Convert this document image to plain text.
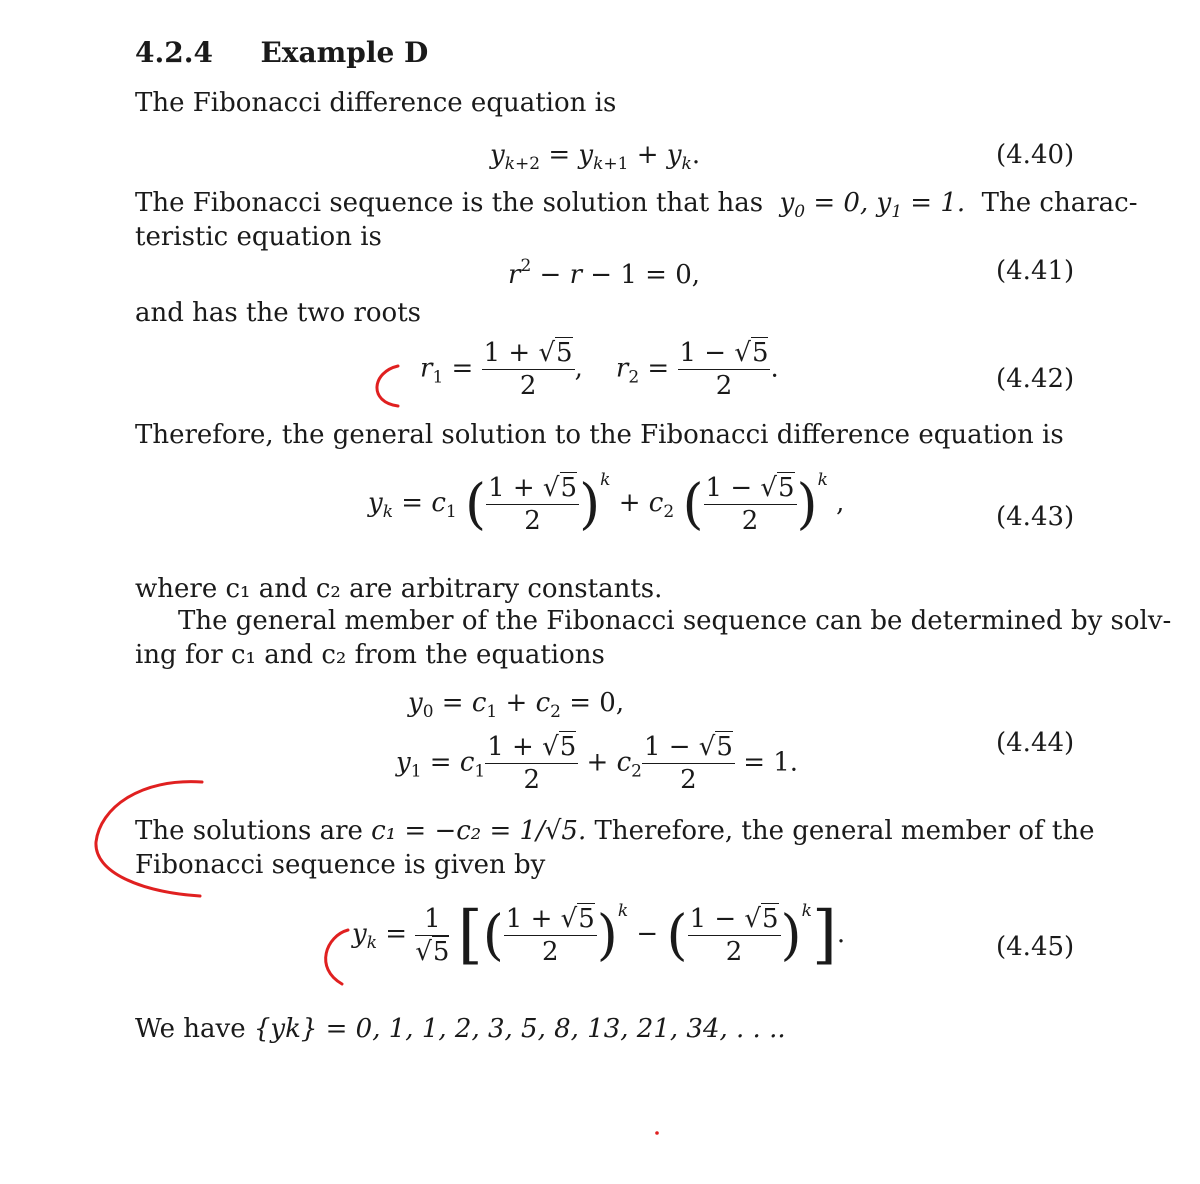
4.2.4 Example D
The Fibonacci difference equation is
$y_{k+2} = y_{k+1} + y_k$.	(4.40)
The Fibonacci sequence is the solution that has  $y_0 = 0$, $y_1 = 1$.  The charac-
teristic equation is
$r^2 - r - 1 = 0$,	(4.41)
and has the two roots
$r_1 = \frac{1 + √5}{2}$ ,    $r_2 = \frac{1 - √5}{2}$ .	(4.42)
Therefore, the general solution to the Fibonacci difference equation is
$y_k = c_1$ ( $\frac{1 + √5}{2} )^k + c_2$ ( $\frac{1 - √5}{2} )^k$ ,	(4.43)
where c₁ and c₂ are arbitrary constants.
The general member of the Fibonacci sequence can be determined by solv-
ing for c₁ and c₂ from the equations
$y_0 = c_1 + c_2 = 0$,
$y_1 = c_1 \frac{1 + √5}{2} + c_2 \frac{1 - √5}{2} = 1$.
(4.44)
The solutions are c₁ = −c₂ = 1/√5. Therefore, the general member of the
Fibonacci sequence is given by
$y_k = \frac{1}{√5}$ [( $\frac{1 + √5}{2} )^k$ − ( $\frac{1 - √5}{2} )^k$].	(4.45)
We have {yk} = 0, 1, 1, 2, 3, 5, 8, 13, 21, 34, . . ..
